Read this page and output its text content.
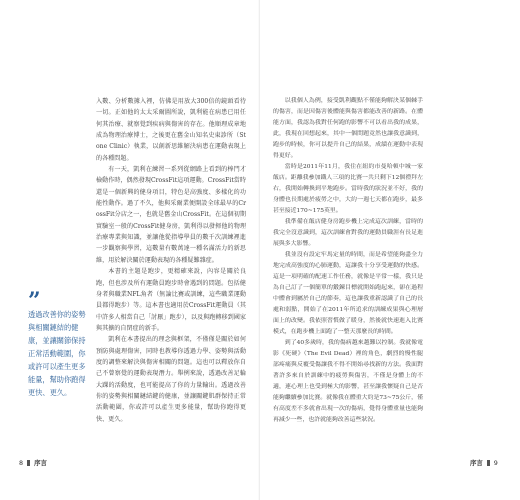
入數、分析數據入裡，仿佛是用放大300倍的鏡頭看待一切。正如他的太太采爾圖所說，凱利能在病患已用任何其治療、就察覺到疾病與傷害的存在。他順理成章地成為物理治療博士，之後更在舊金山知名史東診所（Stone Clinic）執業，以創新思維解決病患在運動表現上的各種問題。

有一天，凱利在練習一系列從網路上看到的棒門才檢動作時，偶然發現CrossFit這項運動。CrossFit當時還是一個新興的健身項目，特色是高強度、多樣化的功能性動作。過了不久，他與采爾業便開設全球最早的CrossFit分店之一，也就是舊金山CrossFit。在這個初期實驗室一般的CrossFit健身房，凱利得以發揮他的物理治療專業與知識，並讓他從指導學員的數千次訓練裡進一步觀察與學習，這數量有數萬達一種名滿活力的新思維，用於解決關於運動表現的各種疑難雜症。

本書的主題是跑步，更精確來說，內容是關於良跑，但也涉及所有運動員跑步時會遇到的問題。包括健身者與職業NFL角者（無論比賽或訓練，這些職業運動員都得跑步）等。這本書也適用於CrossFit運動員（其中許多人相當自己「討厭」跑步），以及與跑轉移到國家與其擴的自閉症的新手。

凱利在本書提出的理念與框架，不僅僅是關於如何預防與處理傷害，同時也教導你透過力學、姿勢與活動度的調整來解決與傷害相關的問題。這也可以釋放你自己不曾察覺的運動表現潛力。舉例來說，透過改善足輪大踝的活動度，也可能提高了你的力量輸出。透過改善你的姿勢與相關鏈結鍵的健康，並讓關鍵肌群保持正常活動範圍，你或許可以產生更多能量，幫助你跑得更快、更久。

”
透過改善你的姿勢與相關鏈結的健康，並讓關節保持正常活動範圍，你或許可以產生更多能量，幫助你跑得更快、更久。
8 序言

以我個人為例，接受凱利觀點不僅能夠解決某個棘手的傷害，而是因傷害後體能與傷害都能改善的新路。在體能方面，我認為我對任何跑的影響不可以看出我的成果，此，我現在回想起來，其中一個問題竟然也讓我意識到，跑步的時候，你可以提升自己的結果，成績在運動中表現得更好。

當時是2011年11月，我住在紐約市曼哈頓中城一家飯店。距離我參加鐵人三項的比賽一共只剩下12個禮拜左右，我開始轉換到平地跑步。當時我的狀況並不好，我的身體也長期處於疲勞之中，大約一週七天都在跑步，最多甚至接近170~175英里。

我準備在飯店健身房跑步機上完成這次訓練，當時的我完全沒意識到，這次訓練會對我的運動員職涯有長足進展與多大影響。

我並沒有設定牢馬定量的時間，而是希望能夠盡全力地完成高強度的心肺運動，這讓我十分享受運動的快感。這是一項明確的配速工作任務，就像是平常一樣，我只是為自己訂了一個簡單的鍛鍊目標就開始跑起來，卻在過程中體會到屬於自己的節奏，這也讓我重新認識了自己的長處和弱點，開始了在2011年所追求的訓練成果與心理層面上的改變。我依照習慣做了暖身，然後就快速進入比賽模式，在跑步機上面跑了一整天那麼長的時間。

到了40多歲時，我的傷病越來越難以控制。我就像電影《死硬》（The Evil Dead）裡的角色，劇烈的慢性腿部疼痛與反覆受傷讓我不得不開始尋找新的方法。我面對著許多來自於訓練中的疲勞與傷害，不僅是身體上的不適，連心理上也受到極大的影響，甚至讓我懷疑自己是否能夠繼續參加比賽。就像我在體重大約是73~75公斤，僅有高度差不多就會出現一次的傷病，覺得身體重量也能夠再減少一些，也許就能夠改善這些狀況。

序言 9
